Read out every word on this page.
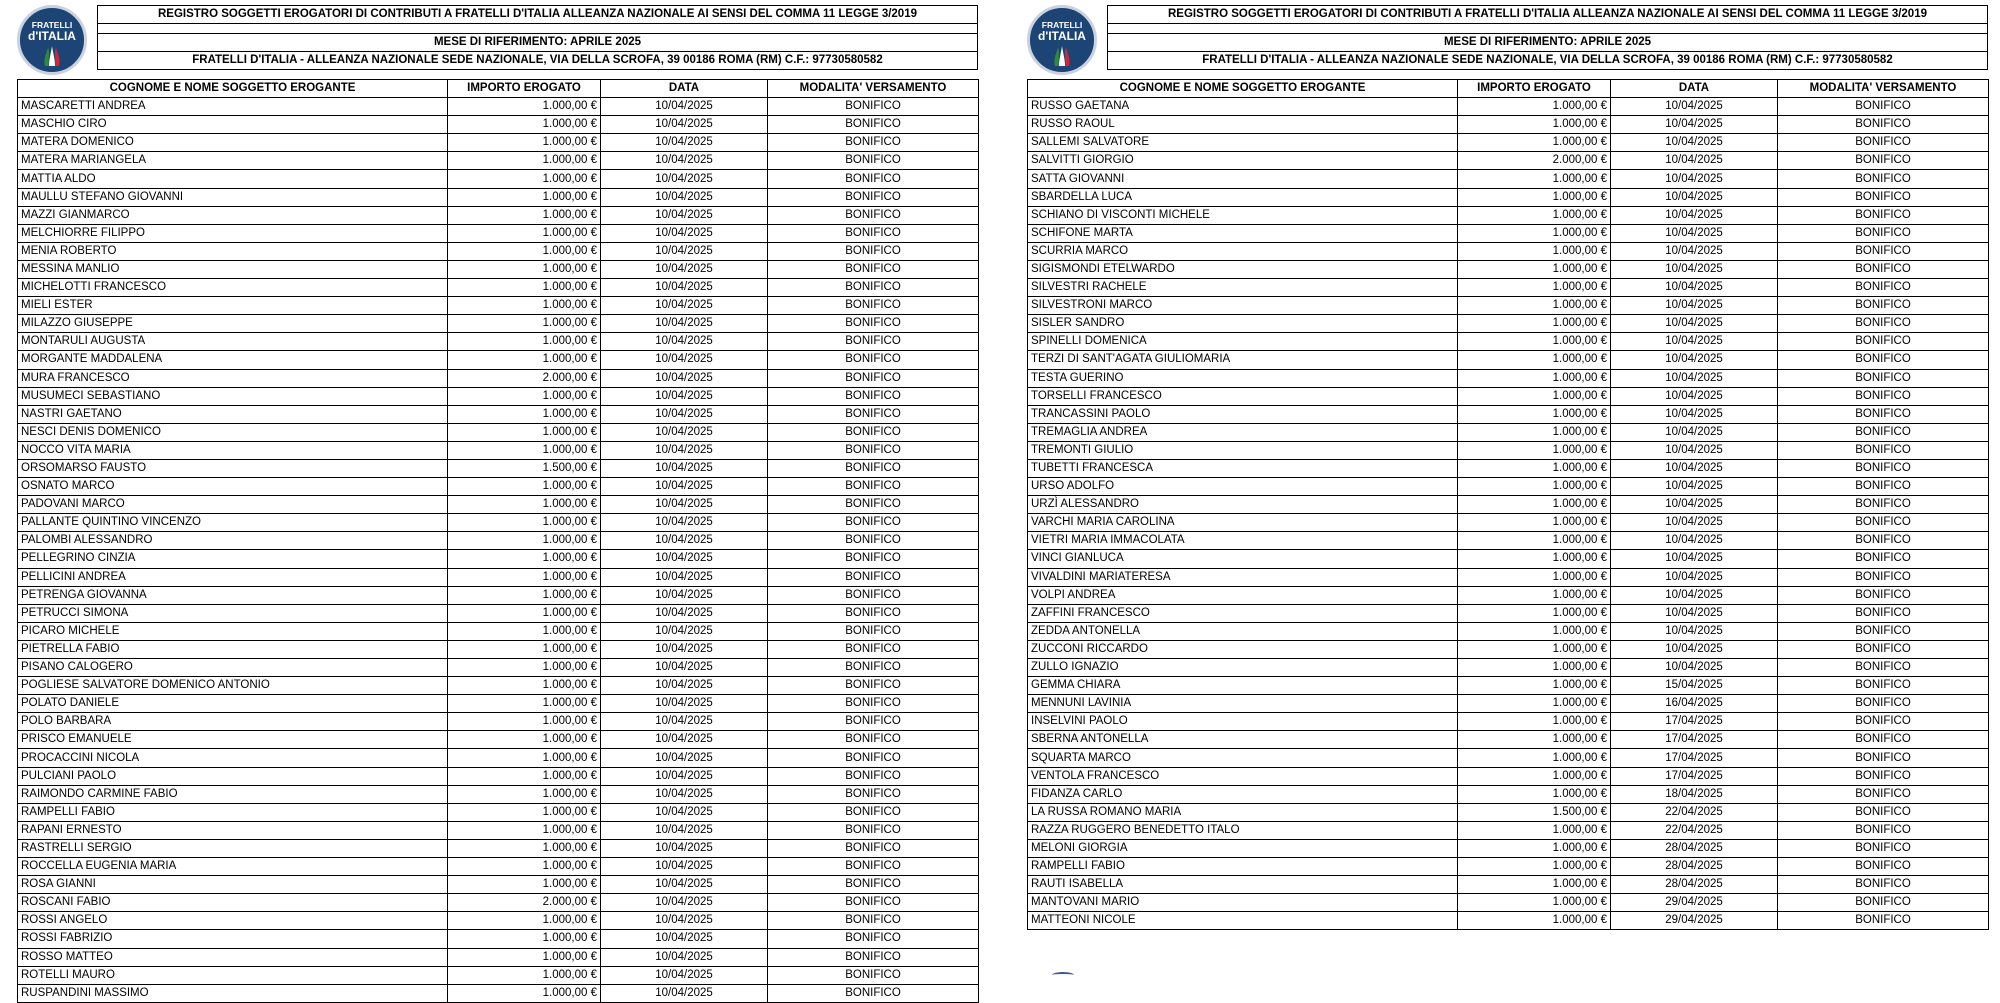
FRATELLI
d'ITALIA
REGISTRO SOGGETTI EROGATORI DI CONTRIBUTI A FRATELLI D'ITALIA ALLEANZA NAZIONALE AI SENSI DEL COMMA 11 LEGGE 3/2019
MESE DI RIFERIMENTO: APRILE 2025
FRATELLI D'ITALIA - ALLEANZA NAZIONALE SEDE NAZIONALE, VIA DELLA SCROFA, 39 00186 ROMA (RM) C.F.: 97730580582
COGNOME E NOME SOGGETTO EROGANTE	IMPORTO EROGATO	DATA	MODALITA' VERSAMENTO
MASCARETTI ANDREA	1.000,00 €	10/04/2025	BONIFICO
MASCHIO CIRO	1.000,00 €	10/04/2025	BONIFICO
MATERA DOMENICO	1.000,00 €	10/04/2025	BONIFICO
MATERA MARIANGELA	1.000,00 €	10/04/2025	BONIFICO
MATTIA ALDO	1.000,00 €	10/04/2025	BONIFICO
MAULLU STEFANO GIOVANNI	1.000,00 €	10/04/2025	BONIFICO
MAZZI GIANMARCO	1.000,00 €	10/04/2025	BONIFICO
MELCHIORRE FILIPPO	1.000,00 €	10/04/2025	BONIFICO
MENIA ROBERTO	1.000,00 €	10/04/2025	BONIFICO
MESSINA MANLIO	1.000,00 €	10/04/2025	BONIFICO
MICHELOTTI FRANCESCO	1.000,00 €	10/04/2025	BONIFICO
MIELI ESTER	1.000,00 €	10/04/2025	BONIFICO
MILAZZO GIUSEPPE	1.000,00 €	10/04/2025	BONIFICO
MONTARULI AUGUSTA	1.000,00 €	10/04/2025	BONIFICO
MORGANTE MADDALENA	1.000,00 €	10/04/2025	BONIFICO
MURA FRANCESCO	2.000,00 €	10/04/2025	BONIFICO
MUSUMECI SEBASTIANO	1.000,00 €	10/04/2025	BONIFICO
NASTRI GAETANO	1.000,00 €	10/04/2025	BONIFICO
NESCI DENIS DOMENICO	1.000,00 €	10/04/2025	BONIFICO
NOCCO VITA MARIA	1.000,00 €	10/04/2025	BONIFICO
ORSOMARSO FAUSTO	1.500,00 €	10/04/2025	BONIFICO
OSNATO MARCO	1.000,00 €	10/04/2025	BONIFICO
PADOVANI MARCO	1.000,00 €	10/04/2025	BONIFICO
PALLANTE QUINTINO VINCENZO	1.000,00 €	10/04/2025	BONIFICO
PALOMBI ALESSANDRO	1.000,00 €	10/04/2025	BONIFICO
PELLEGRINO CINZIA	1.000,00 €	10/04/2025	BONIFICO
PELLICINI ANDREA	1.000,00 €	10/04/2025	BONIFICO
PETRENGA GIOVANNA	1.000,00 €	10/04/2025	BONIFICO
PETRUCCI SIMONA	1.000,00 €	10/04/2025	BONIFICO
PICARO MICHELE	1.000,00 €	10/04/2025	BONIFICO
PIETRELLA FABIO	1.000,00 €	10/04/2025	BONIFICO
PISANO CALOGERO	1.000,00 €	10/04/2025	BONIFICO
POGLIESE SALVATORE DOMENICO ANTONIO	1.000,00 €	10/04/2025	BONIFICO
POLATO DANIELE	1.000,00 €	10/04/2025	BONIFICO
POLO BARBARA	1.000,00 €	10/04/2025	BONIFICO
PRISCO EMANUELE	1.000,00 €	10/04/2025	BONIFICO
PROCACCINI NICOLA	1.000,00 €	10/04/2025	BONIFICO
PULCIANI PAOLO	1.000,00 €	10/04/2025	BONIFICO
RAIMONDO CARMINE FABIO	1.000,00 €	10/04/2025	BONIFICO
RAMPELLI FABIO	1.000,00 €	10/04/2025	BONIFICO
RAPANI ERNESTO	1.000,00 €	10/04/2025	BONIFICO
RASTRELLI SERGIO	1.000,00 €	10/04/2025	BONIFICO
ROCCELLA EUGENIA MARIA	1.000,00 €	10/04/2025	BONIFICO
ROSA GIANNI	1.000,00 €	10/04/2025	BONIFICO
ROSCANI FABIO	2.000,00 €	10/04/2025	BONIFICO
ROSSI ANGELO	1.000,00 €	10/04/2025	BONIFICO
ROSSI FABRIZIO	1.000,00 €	10/04/2025	BONIFICO
ROSSO MATTEO	1.000,00 €	10/04/2025	BONIFICO
ROTELLI MAURO	1.000,00 €	10/04/2025	BONIFICO
RUSPANDINI MASSIMO	1.000,00 €	10/04/2025	BONIFICO
FRATELLI
d'ITALIA
REGISTRO SOGGETTI EROGATORI DI CONTRIBUTI A FRATELLI D'ITALIA ALLEANZA NAZIONALE AI SENSI DEL COMMA 11 LEGGE 3/2019
MESE DI RIFERIMENTO: APRILE 2025
FRATELLI D'ITALIA - ALLEANZA NAZIONALE SEDE NAZIONALE, VIA DELLA SCROFA, 39 00186 ROMA (RM) C.F.: 97730580582
COGNOME E NOME SOGGETTO EROGANTE	IMPORTO EROGATO	DATA	MODALITA' VERSAMENTO
RUSSO GAETANA	1.000,00 €	10/04/2025	BONIFICO
RUSSO RAOUL	1.000,00 €	10/04/2025	BONIFICO
SALLEMI SALVATORE	1.000,00 €	10/04/2025	BONIFICO
SALVITTI GIORGIO	2.000,00 €	10/04/2025	BONIFICO
SATTA GIOVANNI	1.000,00 €	10/04/2025	BONIFICO
SBARDELLA LUCA	1.000,00 €	10/04/2025	BONIFICO
SCHIANO DI VISCONTI MICHELE	1.000,00 €	10/04/2025	BONIFICO
SCHIFONE MARTA	1.000,00 €	10/04/2025	BONIFICO
SCURRIA MARCO	1.000,00 €	10/04/2025	BONIFICO
SIGISMONDI ETELWARDO	1.000,00 €	10/04/2025	BONIFICO
SILVESTRI RACHELE	1.000,00 €	10/04/2025	BONIFICO
SILVESTRONI MARCO	1.000,00 €	10/04/2025	BONIFICO
SISLER SANDRO	1.000,00 €	10/04/2025	BONIFICO
SPINELLI DOMENICA	1.000,00 €	10/04/2025	BONIFICO
TERZI DI SANT'AGATA GIULIOMARIA	1.000,00 €	10/04/2025	BONIFICO
TESTA GUERINO	1.000,00 €	10/04/2025	BONIFICO
TORSELLI FRANCESCO	1.000,00 €	10/04/2025	BONIFICO
TRANCASSINI PAOLO	1.000,00 €	10/04/2025	BONIFICO
TREMAGLIA ANDREA	1.000,00 €	10/04/2025	BONIFICO
TREMONTI GIULIO	1.000,00 €	10/04/2025	BONIFICO
TUBETTI FRANCESCA	1.000,00 €	10/04/2025	BONIFICO
URSO ADOLFO	1.000,00 €	10/04/2025	BONIFICO
URZÌ ALESSANDRO	1.000,00 €	10/04/2025	BONIFICO
VARCHI MARIA CAROLINA	1.000,00 €	10/04/2025	BONIFICO
VIETRI MARIA IMMACOLATA	1.000,00 €	10/04/2025	BONIFICO
VINCI GIANLUCA	1.000,00 €	10/04/2025	BONIFICO
VIVALDINI MARIATERESA	1.000,00 €	10/04/2025	BONIFICO
VOLPI ANDREA	1.000,00 €	10/04/2025	BONIFICO
ZAFFINI FRANCESCO	1.000,00 €	10/04/2025	BONIFICO
ZEDDA ANTONELLA	1.000,00 €	10/04/2025	BONIFICO
ZUCCONI RICCARDO	1.000,00 €	10/04/2025	BONIFICO
ZULLO IGNAZIO	1.000,00 €	10/04/2025	BONIFICO
GEMMA CHIARA	1.000,00 €	15/04/2025	BONIFICO
MENNUNI LAVINIA	1.000,00 €	16/04/2025	BONIFICO
INSELVINI PAOLO	1.000,00 €	17/04/2025	BONIFICO
SBERNA ANTONELLA	1.000,00 €	17/04/2025	BONIFICO
SQUARTA MARCO	1.000,00 €	17/04/2025	BONIFICO
VENTOLA FRANCESCO	1.000,00 €	17/04/2025	BONIFICO
FIDANZA CARLO	1.000,00 €	18/04/2025	BONIFICO
LA RUSSA ROMANO MARIA	1.500,00 €	22/04/2025	BONIFICO
RAZZA RUGGERO BENEDETTO ITALO	1.000,00 €	22/04/2025	BONIFICO
MELONI GIORGIA	1.000,00 €	28/04/2025	BONIFICO
RAMPELLI FABIO	1.000,00 €	28/04/2025	BONIFICO
RAUTI ISABELLA	1.000,00 €	28/04/2025	BONIFICO
MANTOVANI MARIO	1.000,00 €	29/04/2025	BONIFICO
MATTEONI NICOLE	1.000,00 €	29/04/2025	BONIFICO
